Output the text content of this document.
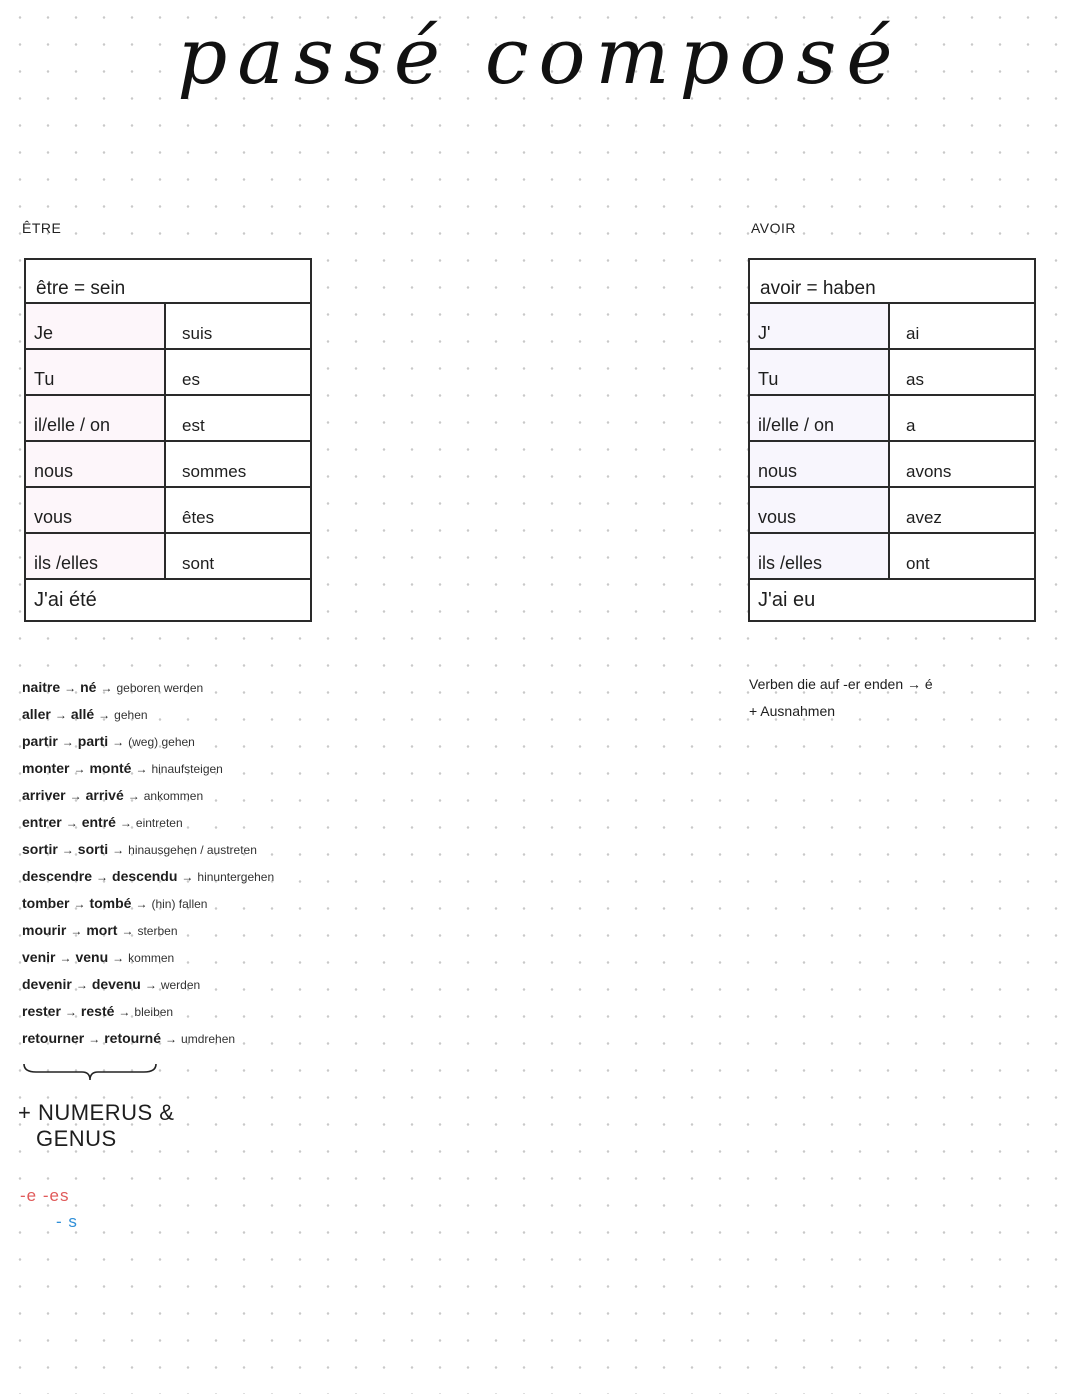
passé composé
ÊTRE
être = sein
Je	suis
Tu	es
il/elle / on	est
nous	sommes
vous	êtes
ils /elles	sont
J'ai été
AVOIR
avoir = haben
J'	ai
Tu	as
il/elle / on	a
nous	avons
vous	avez
ils /elles	ont
J'ai eu
naitre → né → geboren werden
aller → allé → gehen
partir → parti → (weg) gehen
monter → monté → hinaufsteigen
arriver → arrivé → ankommen
entrer → entré → eintreten
sortir → sorti → hinausgehen / austreten
descendre → descendu → hinuntergehen
tomber → tombé → (hin) fallen
mourir → mort → sterben
venir → venu → kommen
devenir → devenu → werden
rester → resté → bleiben
retourner → retourné → umdrehen
+ NUMERUS &
GENUS
-e -es
- s
Verben die auf -er enden → é
+ Ausnahmen
